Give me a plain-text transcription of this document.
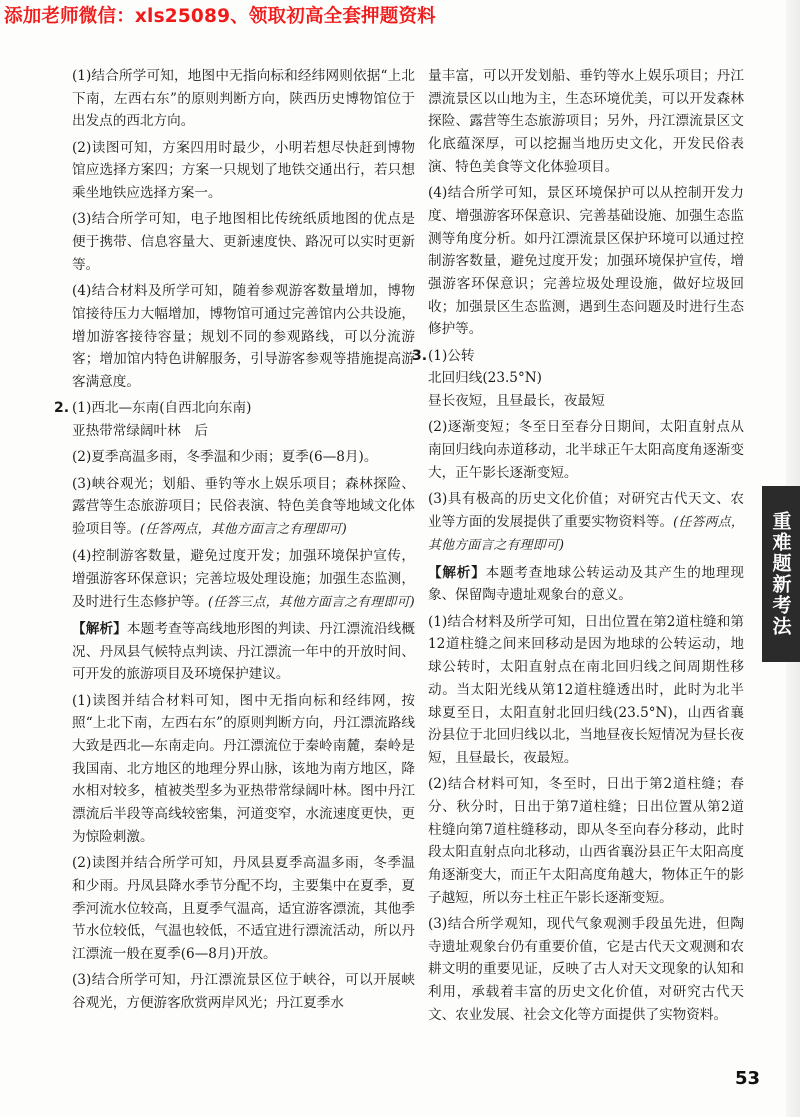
添加老师微信：xls25089、领取初高全套押题资料

(1)结合所学可知，地图中无指向标和经纬网则依据“上北下南，左西右东”的原则判断方向，陕西历史博物馆位于出发点的西北方向。

(2)读图可知，方案四用时最少，小明若想尽快赶到博物馆应选择方案四；方案一只规划了地铁交通出行，若只想乘坐地铁应选择方案一。

(3)结合所学可知，电子地图相比传统纸质地图的优点是便于携带、信息容量大、更新速度快、路况可以实时更新等。

(4)结合材料及所学可知，随着参观游客数量增加，博物馆接待压力大幅增加，博物馆可通过完善馆内公共设施，增加游客接待容量；规划不同的参观路线，可以分流游客；增加馆内特色讲解服务，引导游客参观等措施提高游客满意度。

2. (1)西北—东南(自西北向东南)

亚热带常绿阔叶林　后

(2)夏季高温多雨，冬季温和少雨；夏季(6—8月)。

(3)峡谷观光；划船、垂钓等水上娱乐项目；森林探险、露营等生态旅游项目；民俗表演、特色美食等地域文化体验项目等。(任答两点，其他方面言之有理即可)

(4)控制游客数量，避免过度开发；加强环境保护宣传，增强游客环保意识；完善垃圾处理设施；加强生态监测，及时进行生态修护等。(任答三点，其他方面言之有理即可)

【解析】本题考查等高线地形图的判读、丹江漂流沿线概况、丹凤县气候特点判读、丹江漂流一年中的开放时间、可开发的旅游项目及环境保护建议。

(1)读图并结合材料可知，图中无指向标和经纬网，按照“上北下南，左西右东”的原则判断方向，丹江漂流路线大致是西北—东南走向。丹江漂流位于秦岭南麓，秦岭是我国南、北方地区的地理分界山脉，该地为南方地区，降水相对较多，植被类型多为亚热带常绿阔叶林。图中丹江漂流后半段等高线较密集，河道变窄，水流速度更快，更为惊险刺激。

(2)读图并结合所学可知，丹凤县夏季高温多雨，冬季温和少雨。丹凤县降水季节分配不均，主要集中在夏季，夏季河流水位较高，且夏季气温高，适宜游客漂流，其他季节水位较低，气温也较低，不适宜进行漂流活动，所以丹江漂流一般在夏季(6—8月)开放。

(3)结合所学可知，丹江漂流景区位于峡谷，可以开展峡谷观光，方便游客欣赏两岸风光；丹江夏季水

量丰富，可以开发划船、垂钓等水上娱乐项目；丹江漂流景区以山地为主，生态环境优美，可以开发森林探险、露营等生态旅游项目；另外，丹江漂流景区文化底蕴深厚，可以挖掘当地历史文化，开发民俗表演、特色美食等文化体验项目。

(4)结合所学可知，景区环境保护可以从控制开发力度、增强游客环保意识、完善基础设施、加强生态监测等角度分析。如丹江漂流景区保护环境可以通过控制游客数量，避免过度开发；加强环境保护宣传，增强游客环保意识；完善垃圾处理设施，做好垃圾回收；加强景区生态监测，遇到生态问题及时进行生态修护等。

3. (1)公转

北回归线(23.5°N)

昼长夜短，且昼最长，夜最短

(2)逐渐变短；冬至日至春分日期间，太阳直射点从南回归线向赤道移动，北半球正午太阳高度角逐渐变大，正午影长逐渐变短。

(3)具有极高的历史文化价值；对研究古代天文、农业等方面的发展提供了重要实物资料等。(任答两点，其他方面言之有理即可)

【解析】本题考查地球公转运动及其产生的地理现象、保留陶寺遗址观象台的意义。

(1)结合材料及所学可知，日出位置在第2道柱缝和第12道柱缝之间来回移动是因为地球的公转运动，地球公转时，太阳直射点在南北回归线之间周期性移动。当太阳光线从第12道柱缝透出时，此时为北半球夏至日，太阳直射北回归线(23.5°N)，山西省襄汾县位于北回归线以北，当地昼夜长短情况为昼长夜短，且昼最长，夜最短。

(2)结合材料可知，冬至时，日出于第2道柱缝；春分、秋分时，日出于第7道柱缝；日出位置从第2道柱缝向第7道柱缝移动，即从冬至向春分移动，此时段太阳直射点向北移动，山西省襄汾县正午太阳高度角逐渐变大，而正午太阳高度角越大，物体正午的影子越短，所以夯土柱正午影长逐渐变短。

(3)结合所学观知，现代气象观测手段虽先进，但陶寺遗址观象台仍有重要价值，它是古代天文观测和农耕文明的重要见证，反映了古人对天文现象的认知和利用，承载着丰富的历史文化价值，对研究古代天文、农业发展、社会文化等方面提供了实物资料。

重难题新考法
53
